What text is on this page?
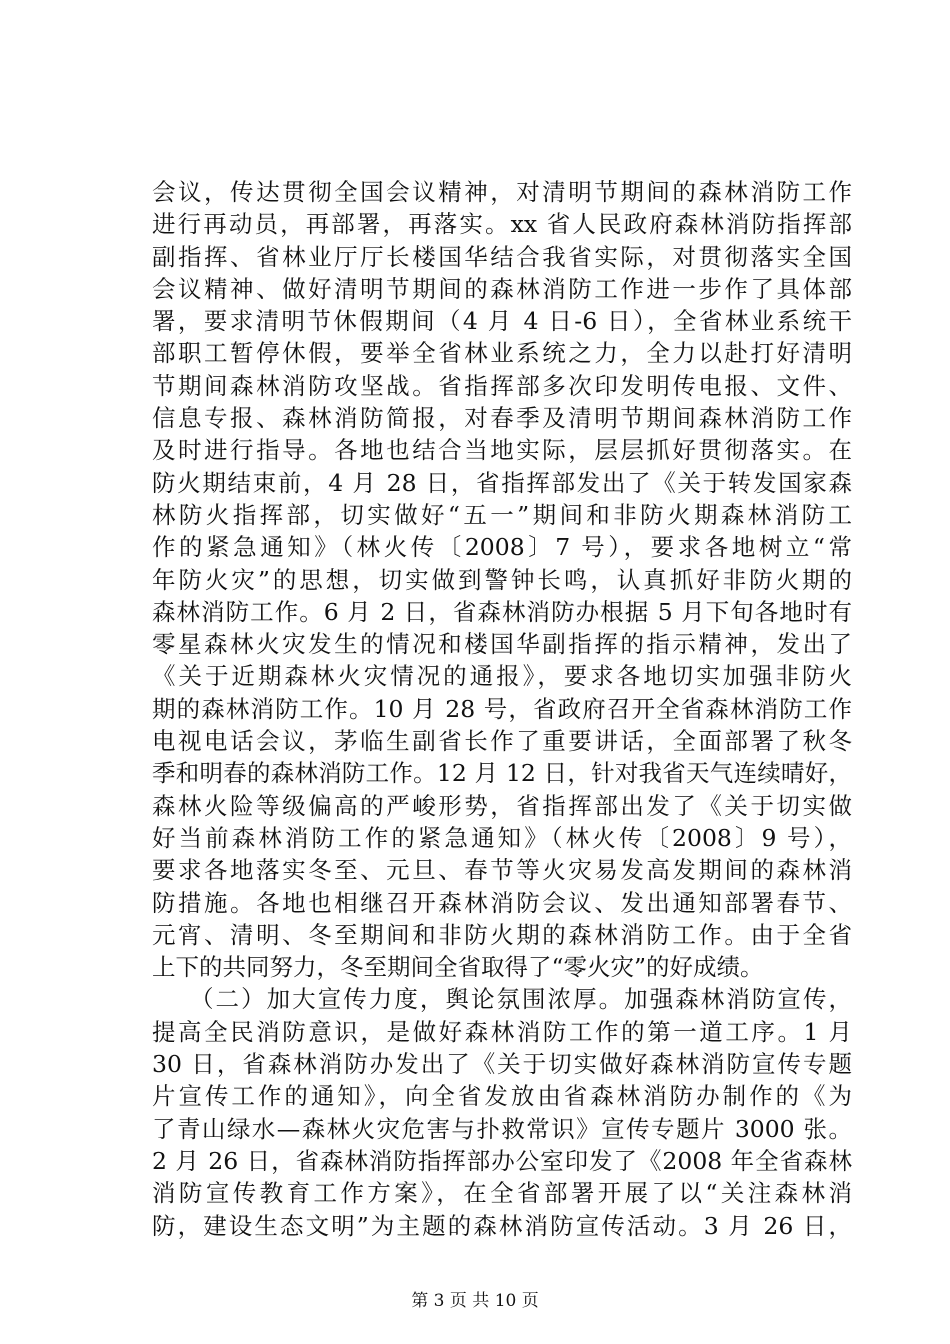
会议，传达贯彻全国会议精神，对清明节期间的森林消防工作
进行再动员，再部署，再落实。xx 省人民政府森林消防指挥部
副指挥、省林业厅厅长楼国华结合我省实际，对贯彻落实全国
会议精神、做好清明节期间的森林消防工作进一步作了具体部
署，要求清明节休假期间（4 月 4 日-6 日），全省林业系统干
部职工暂停休假，要举全省林业系统之力，全力以赴打好清明
节期间森林消防攻坚战。省指挥部多次印发明传电报、文件、
信息专报、森林消防简报，对春季及清明节期间森林消防工作
及时进行指导。各地也结合当地实际，层层抓好贯彻落实。在
防火期结束前，4 月 28 日，省指挥部发出了《关于转发国家森
林防火指挥部，切实做好“五一”期间和非防火期森林消防工
作的紧急通知》（林火传〔2008〕7 号），要求各地树立“常
年防火灾”的思想，切实做到警钟长鸣，认真抓好非防火期的
森林消防工作。6 月 2 日，省森林消防办根据 5 月下旬各地时有
零星森林火灾发生的情况和楼国华副指挥的指示精神，发出了
《关于近期森林火灾情况的通报》，要求各地切实加强非防火
期的森林消防工作。10 月 28 号，省政府召开全省森林消防工作
电视电话会议，茅临生副省长作了重要讲话，全面部署了秋冬
季和明春的森林消防工作。12 月 12 日，针对我省天气连续晴好，
森林火险等级偏高的严峻形势，省指挥部出发了《关于切实做
好当前森林消防工作的紧急通知》（林火传〔2008〕9 号），
要求各地落实冬至、元旦、春节等火灾易发高发期间的森林消
防措施。各地也相继召开森林消防会议、发出通知部署春节、
元宵、清明、冬至期间和非防火期的森林消防工作。由于全省
上下的共同努力，冬至期间全省取得了“零火灾”的好成绩。
（二）加大宣传力度，舆论氛围浓厚。加强森林消防宣传，
提高全民消防意识，是做好森林消防工作的第一道工序。1 月
30 日，省森林消防办发出了《关于切实做好森林消防宣传专题
片宣传工作的通知》，向全省发放由省森林消防办制作的《为
了青山绿水—森林火灾危害与扑救常识》宣传专题片 3000 张。
2 月 26 日，省森林消防指挥部办公室印发了《2008 年全省森林
消防宣传教育工作方案》，在全省部署开展了以“关注森林消
防，建设生态文明”为主题的森林消防宣传活动。3 月 26 日，
第 3 页 共 10 页
